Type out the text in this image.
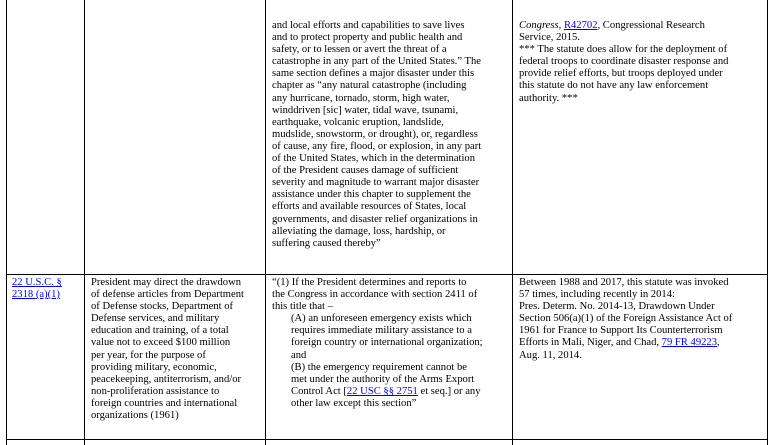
and local efforts and capabilities to save lives
and to protect property and public health and
safety, or to lessen or avert the threat of a
catastrophe in any part of the United States.” The
same section defines a major disaster under this
chapter as “any natural catastrophe (including
any hurricane, tornado, storm, high water,
winddriven [sic] water, tidal wave, tsunami,
earthquake, volcanic eruption, landslide,
mudslide, snowstorm, or drought), or, regardless
of cause, any fire, flood, or explosion, in any part
of the United States, which in the determination
of the President causes damage of sufficient
severity and magnitude to warrant major disaster
assistance under this chapter to supplement the
efforts and available resources of States, local
governments, and disaster relief organizations in
alleviating the damage, loss, hardship, or
suffering caused thereby”
Congress, R42702, Congressional Research
Service, 2015.
*** The statute does allow for the deployment of
federal troops to coordinate disaster response and
provide relief efforts, but troops deployed under
this statute do not have any law enforcement
authority. ***
22 U.S.C. §
2318 (a)(1)
President may direct the drawdown
of defense articles from Department
of Defense stocks, Department of
Defense services, and military
education and training, of a total
value not to exceed $100 million
per year, for the purpose of
providing military, economic,
peacekeeping, antiterrorism, and/or
non-proliferation assistance to
foreign countries and international
organizations (1961)
“(1) If the President determines and reports to
the Congress in accordance with section 2411 of
this title that –
(A) an unforeseen emergency exists which
requires immediate military assistance to a
foreign country or international organization;
and
(B) the emergency requirement cannot be
met under the authority of the Arms Export
Control Act [22 USC §§ 2751 et seq.] or any
other law except this section”
Between 1988 and 2017, this statute was invoked
57 times, including recently in 2014:
Pres. Determ. No. 2014-13, Drawdown Under
Section 506(a)(1) of the Foreign Assistance Act of
1961 for France to Support Its Counterterrorism
Efforts in Mali, Niger, and Chad, 79 FR 49223,
Aug. 11, 2014.
